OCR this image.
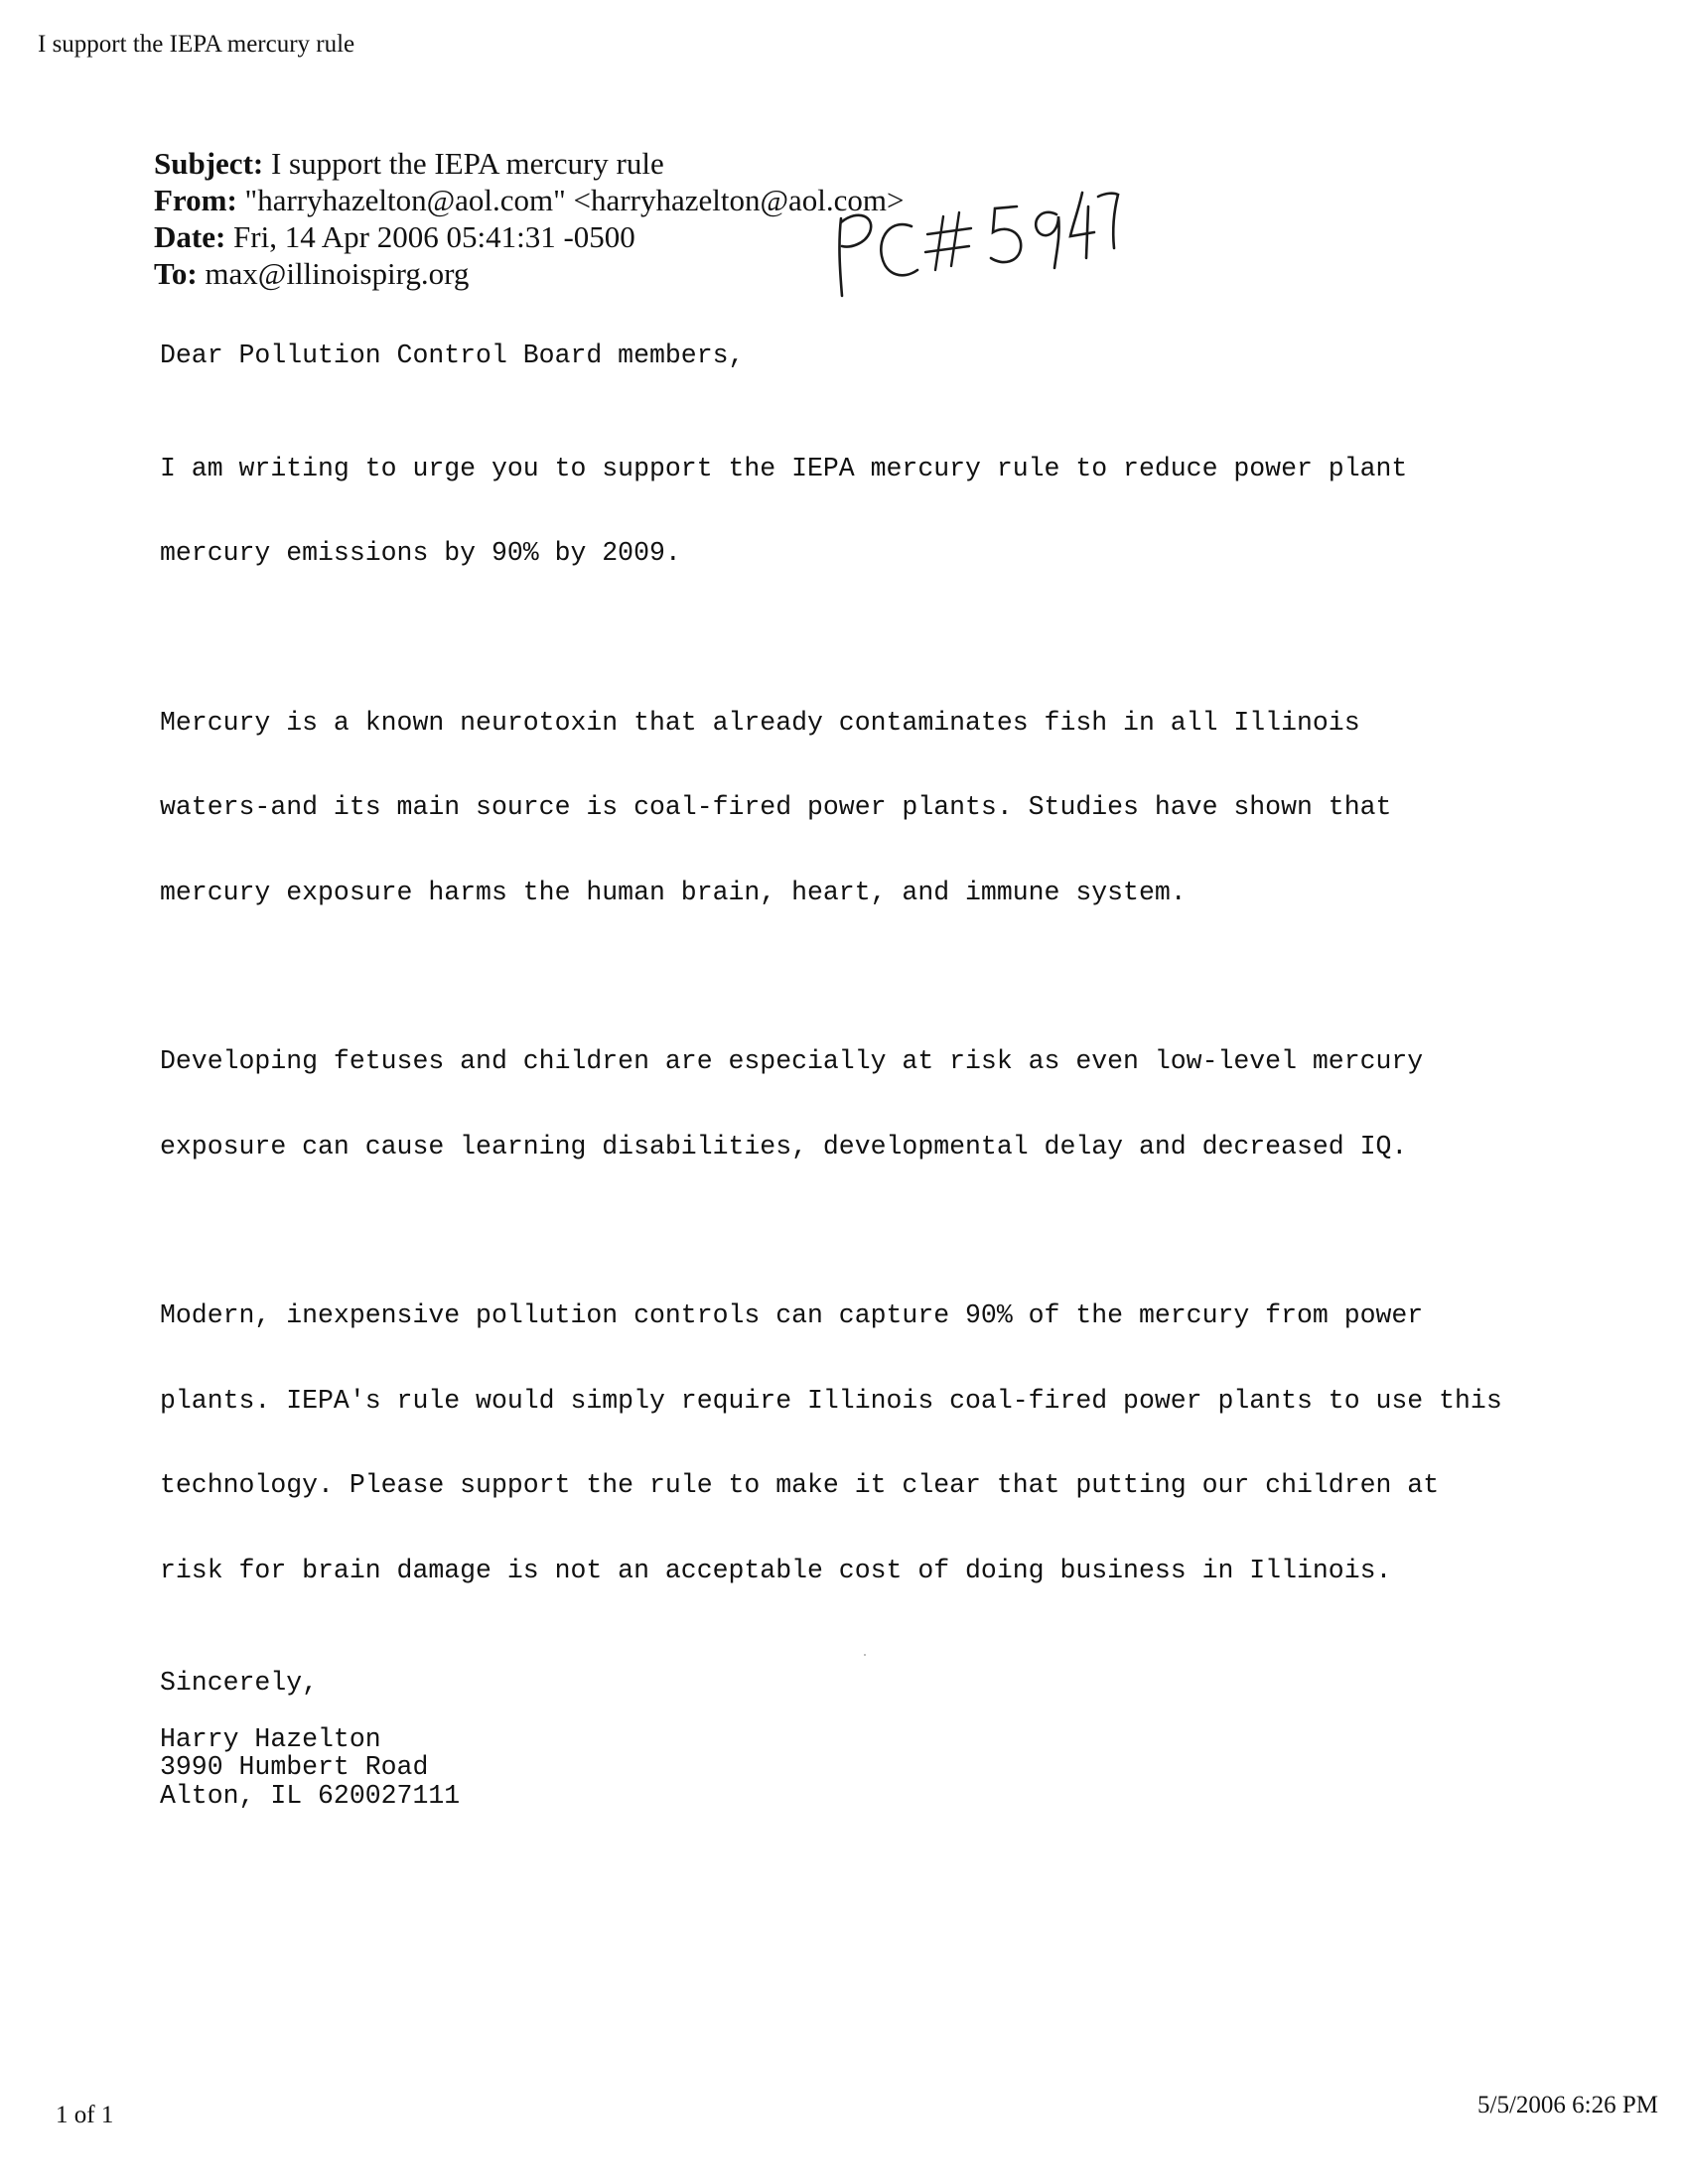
I support the IEPA mercury rule
Subject: I support the IEPA mercury rule
From: "harryhazelton@aol.com" <harryhazelton@aol.com>
Date: Fri, 14 Apr 2006 05:41:31 -0500
To: max@illinoispirg.org
Dear Pollution Control Board members,

I am writing to urge you to support the IEPA mercury rule to reduce power plant

mercury emissions by 90% by 2009.

Mercury is a known neurotoxin that already contaminates fish in all Illinois

waters-and its main source is coal-fired power plants. Studies have shown that

mercury exposure harms the human brain, heart, and immune system.

Developing fetuses and children are especially at risk as even low-level mercury

exposure can cause learning disabilities, developmental delay and decreased IQ.

Modern, inexpensive pollution controls can capture 90% of the mercury from power

plants. IEPA's rule would simply require Illinois coal-fired power plants to use this

technology. Please support the rule to make it clear that putting our children at

risk for brain damage is not an acceptable cost of doing business in Illinois.

Sincerely,
Harry Hazelton
3990 Humbert Road
Alton, IL 620027111
1 of 1	5/5/2006 6:26 PM
